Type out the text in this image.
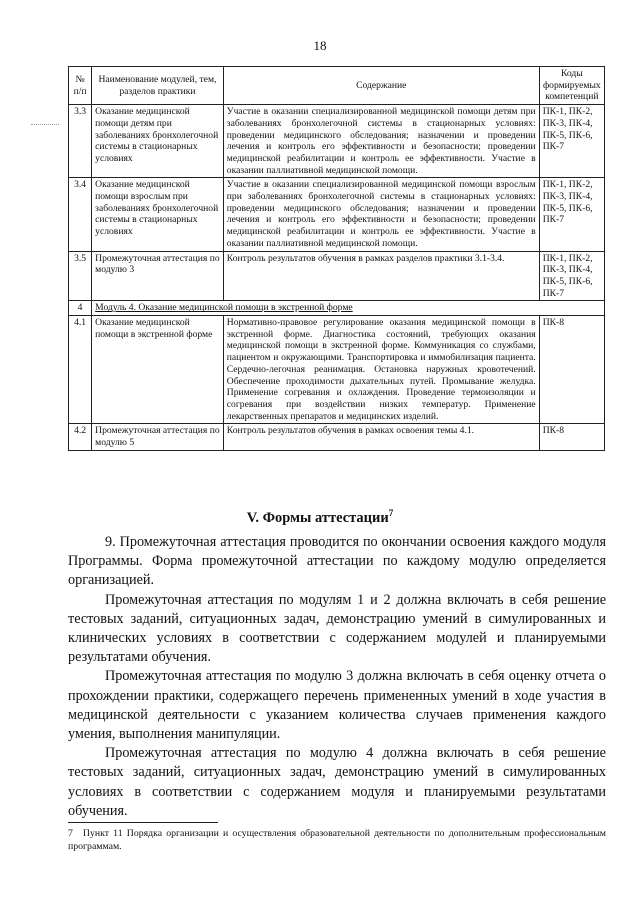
18
№ п/п	Наименование модулей, тем, разделов практики	Содержание	Коды формируемых компетенций
3.3	Оказание медицинской помощи детям при заболеваниях бронхолегочной системы в стационарных условиях	Участие в оказании специализированной медицинской помощи детям при заболеваниях бронхолегочной системы в стационарных условиях: проведении медицинского обследования; назначении и проведении лечения и контроль его эффективности и безопасности; проведении медицинской реабилитации и контроль ее эффективности. Участие в оказании паллиативной медицинской помощи.	ПК-1, ПК-2, ПК-3, ПК-4, ПК-5, ПК-6, ПК-7
3.4	Оказание медицинской помощи взрослым при заболеваниях бронхолегочной системы в стационарных условиях	Участие в оказании специализированной медицинской помощи взрослым при заболеваниях бронхолегочной системы в стационарных условиях: проведении медицинского обследования; назначении и проведении лечения и контроль его эффективности и безопасности; проведении медицинской реабилитации и контроль ее эффективности. Участие в оказании паллиативной медицинской помощи.	ПК-1, ПК-2, ПК-3, ПК-4, ПК-5, ПК-6, ПК-7
3.5	Промежуточная аттестация по модулю 3	Контроль результатов обучения в рамках разделов практики 3.1-3.4.	ПК-1, ПК-2, ПК-3, ПК-4, ПК-5, ПК-6, ПК-7
4	Модуль 4. Оказание медицинской помощи в экстренной форме		
4.1	Оказание медицинской помощи в экстренной форме	Нормативно-правовое регулирование оказания медицинской помощи в экстренной форме. Диагностика состояний, требующих оказания медицинской помощи в экстренной форме. Коммуникация со службами, пациентом и окружающими. Транспортировка и иммобилизация пациента. Сердечно-легочная реанимация. Остановка наружных кровотечений. Обеспечение проходимости дыхательных путей. Промывание желудка. Применение согревания и охлаждения. Проведение термоизоляции и согревания при воздействии низких температур. Применение лекарственных препаратов и медицинских изделий.	ПК-8
4.2	Промежуточная аттестация по модулю 5	Контроль результатов обучения в рамках освоения темы 4.1.	ПК-8
V. Формы аттестации$^7$

9. Промежуточная аттестация проводится по окончании освоения каждого модуля Программы. Форма промежуточной аттестации по каждому модулю определяется организацией.

Промежуточная аттестация по модулям 1 и 2 должна включать в себя решение тестовых заданий, ситуационных задач, демонстрацию умений в симулированных и клинических условиях в соответствии с содержанием модулей и планируемыми результатами обучения.

Промежуточная аттестация по модулю 3 должна включать в себя оценку отчета о прохождении практики, содержащего перечень примененных умений в ходе участия в медицинской деятельности с указанием количества случаев применения каждого умения, выполнения манипуляции.

Промежуточная аттестация по модулю 4 должна включать в себя решение тестовых заданий, ситуационных задач, демонстрацию умений в симулированных условиях в соответствии с содержанием модуля и планируемыми результатами обучения.

7 Пункт 11 Порядка организации и осуществления образовательной деятельности по дополнительным профессиональным программам.
